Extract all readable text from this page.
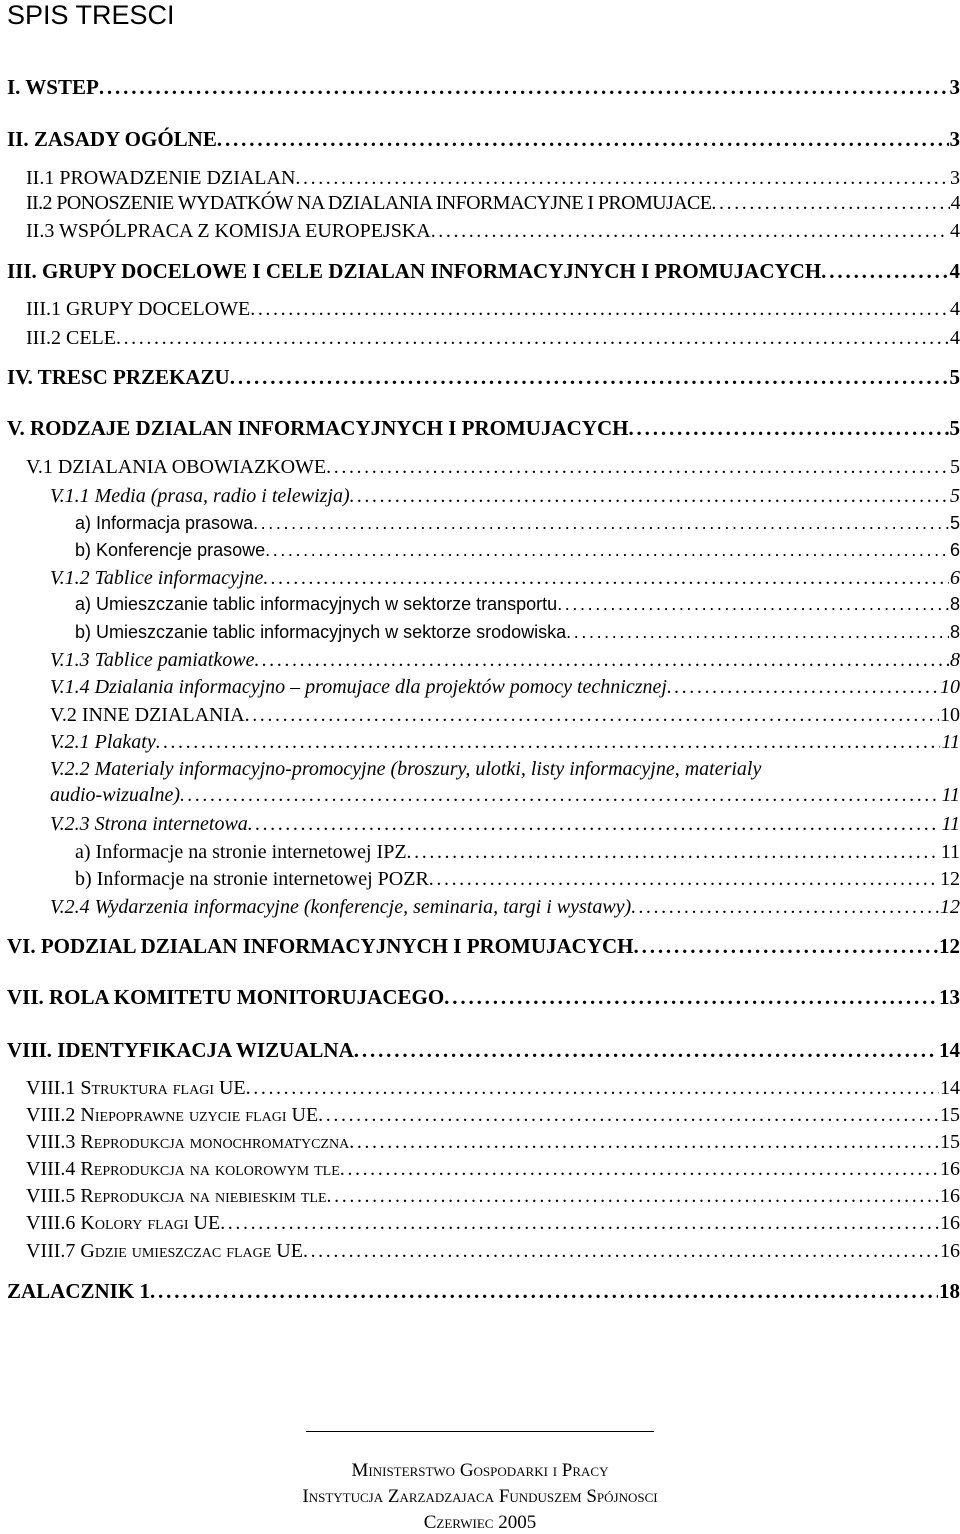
SPIS TRESCI
I. WSTEP . . .	3
II. ZASADY OGÓLNE . . .	3
II.1 PROWADZENIE DZIALAN . . .	3
II.2 PONOSZENIE WYDATKÓW NA DZIALANIA INFORMACYJNE I PROMUJACE . . .	4
II.3 WSPÓLPRACA Z KOMISJA EUROPEJSKA . . .	4
III. GRUPY DOCELOWE I CELE DZIALAN INFORMACYJNYCH I PROMUJACYCH . . .	4
III.1 GRUPY DOCELOWE . . .	4
III.2 CELE . . .	4
IV. TRESC PRZEKAZU . . .	5
V. RODZAJE DZIALAN INFORMACYJNYCH I PROMUJACYCH . . .	5
V.1 DZIALANIA OBOWIAZKOWE . . .	5
V.1.1 Media (prasa, radio i telewizja) . . .	5
a) Informacja prasowa . . .	5
b) Konferencje prasowe . . .	6
V.1.2 Tablice informacyjne . . .	6
a) Umieszczanie tablic informacyjnych w sektorze transportu . . .	8
b) Umieszczanie tablic informacyjnych w sektorze srodowiska . . .	8
V.1.3 Tablice pamiatkowe . . .	8
V.1.4 Dzialania informacyjno – promujace dla projektów pomocy technicznej . . .	10
V.2 INNE DZIALANIA . . .	10
V.2.1 Plakaty . . .	11
V.2.2 Materialy informacyjno-promocyjne (broszury, ulotki, listy informacyjne, materialy
audio-wizualne) . . .	11
V.2.3 Strona internetowa . . .	11
a) Informacje na stronie internetowej IPZ . . .	11
b) Informacje na stronie internetowej POZR . . .	12
V.2.4 Wydarzenia informacyjne (konferencje, seminaria, targi i wystawy) . . .	12
VI. PODZIAL DZIALAN INFORMACYJNYCH I PROMUJACYCH . . .	12
VII. ROLA KOMITETU MONITORUJACEGO . . .	13
VIII. IDENTYFIKACJA WIZUALNA . . .	14
VIII.1 Struktura flagi UE . . .	14
VIII.2 Niepoprawne uzycie flagi UE . . .	15
VIII.3 Reprodukcja monochromatyczna . . .	15
VIII.4 Reprodukcja na kolorowym tle . . .	16
VIII.5 Reprodukcja na niebieskim tle . . .	16
VIII.6 Kolory flagi UE . . .	16
VIII.7 Gdzie umieszczac flage UE . . .	16
ZALACZNIK 1 . . .	18
Ministerstwo Gospodarki i Pracy
Instytucja Zarzadzajaca Funduszem Spójnosci
Czerwiec 2005
